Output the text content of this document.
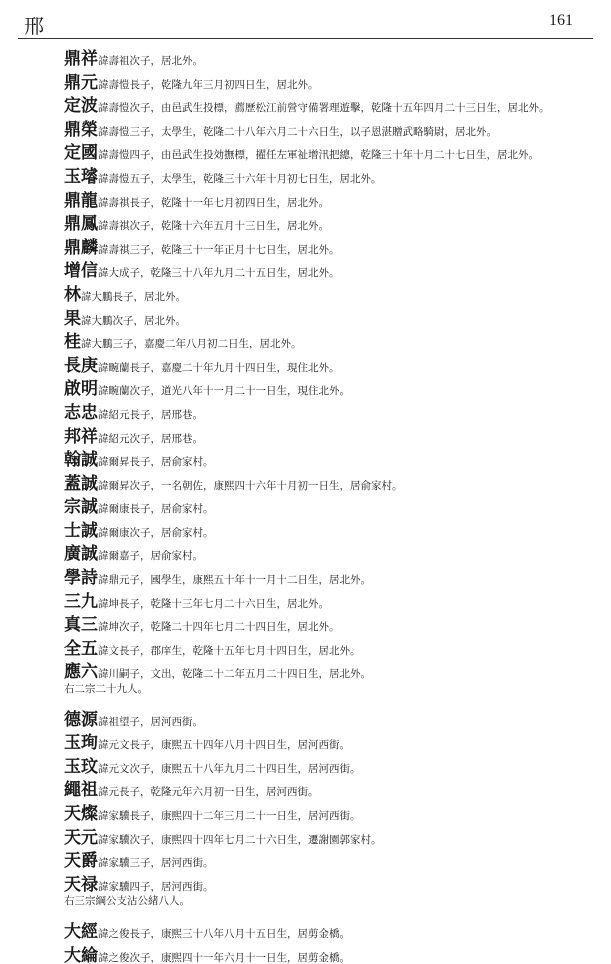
邢	161
鼎祥 諱壽祖次子，居北外。
鼎元 諱壽愷長子，乾隆九年三月初四日生，居北外。
定波 諱壽愷次子，由邑武生投標，薦歷松江前營守備署理遊擊，乾隆十五年四月二十三日生，居北外。
鼎榮 諱壽愷三子，太學生，乾隆二十八年六月二十六日生，以子恩湛贈武略騎尉，居北外。
定國 諱壽愷四子，由邑武生投効撫標，擢任左軍祉增汛把總，乾隆三十年十月二十七日生，居北外。
玉璿 諱壽愷五子，太學生，乾隆三十六年十月初七日生，居北外。
鼎龍 諱壽祺長子，乾隆十一年七月初四日生，居北外。
鼎鳳 諱壽祺次子，乾隆十六年五月十三日生，居北外。
鼎麟 諱壽祺三子，乾隆三十一年正月十七日生，居北外。
增信 諱大成子，乾隆三十八年九月二十五日生，居北外。
林 諱大鵬長子，居北外。
果 諱大鵬次子，居北外。
桂 諱大鵬三子，嘉慶二年八月初二日生，居北外。
長庚 諱畹蘭長子，嘉慶二十年九月十四日生，現住北外。
啟明 諱畹蘭次子，道光八年十一月二十一日生，現住北外。
志忠 諱紹元長子，居邢巷。
邦祥 諱紹元次子，居邢巷。
翰誠 諱爾昇長子，居俞家村。
蓋誠 諱爾昇次子，一名朝佐，康熙四十六年十月初一日生，居俞家村。
宗誠 諱爾康長子，居俞家村。
士誠 諱爾康次子，居俞家村。
廣誠 諱爾嘉子，居俞家村。
學詩 諱鼎元子，國學生，康熙五十年十一月十二日生，居北外。
三九 諱坤長子，乾隆十三年七月二十六日生，居北外。
真三 諱坤次子，乾隆二十四年七月二十四日生，居北外。
全五 諱文長子，郡庠生，乾隆十五年七月十四日生，居北外。
應六 諱川嗣子，文出，乾隆二十二年五月二十四日生，居北外。
右二宗二十九人。
德源 諱祖望子，居河西街。
玉珣 諱元文長子，康熙五十四年八月十四日生，居河西街。
玉玟 諱元文次子，康熙五十八年九月二十四日生，居河西街。
繩祖 諱元長子，乾隆元年六月初一日生，居河西街。
天燦 諱家驥長子，康熙四十二年三月二十一日生，居河西街。
天元 諱家驥次子，康熙四十四年七月二十六日生，遷謝園郭家村。
天爵 諱家驥三子，居河西街。
天禄 諱家驥四子，居河西街。
右三宗綱公支沾公緒八人。
大經 諱之俊長子，康熙三十八年八月十五日生，居剪金橋。
大綸 諱之俊次子，康熙四十一年六月十一日生，居剪金橋。
